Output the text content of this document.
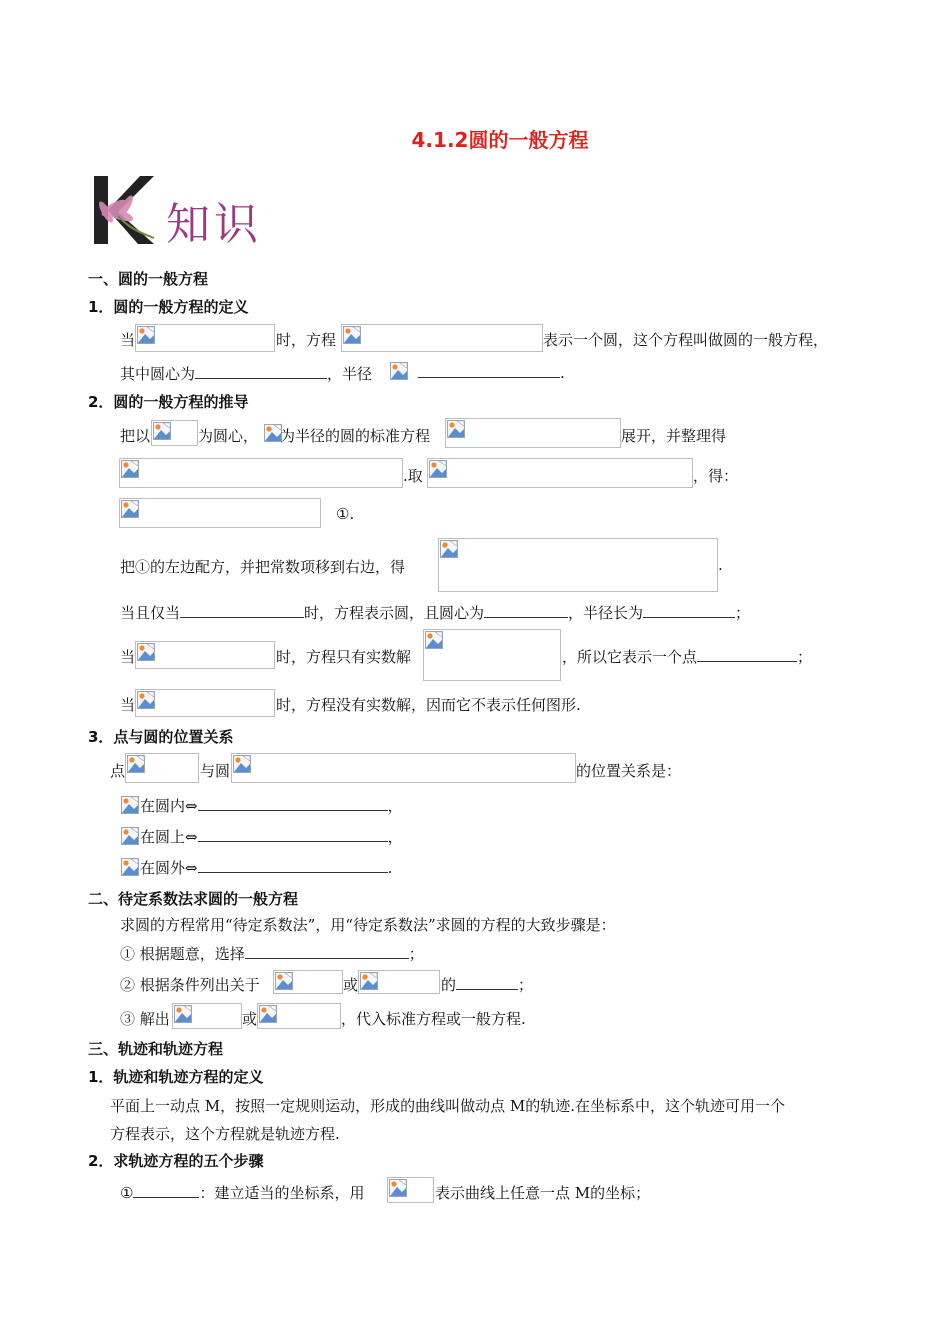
4.1.2圆的一般方程
知识
一、圆的一般方程
1．圆的一般方程的定义
当	时，方程	表示一个圆，这个方程叫做圆的一般方程，
其中圆心为	，半径	.
2．圆的一般方程的推导
把以	为圆心， 为半径的圆的标准方程	展开，并整理得
.取	，得：
①.
把①的左边配方，并把常数项移到右边，得	.
当且仅当	时，方程表示圆，且圆心为	，半径长为	；
当	时，方程只有实数解	，所以它表示一个点	；
当	时，方程没有实数解，因而它不表示任何图形.
3．点与圆的位置关系
点	与圆	的位置关系是：
在圆内⇔	，
在圆上⇔	，
在圆外⇔	.
二、待定系数法求圆的一般方程
求圆的方程常用“待定系数法”，用“待定系数法”求圆的方程的大致步骤是：
① 根据题意，选择	；
② 根据条件列出关于	或	的	；
③ 解出	或	，代入标准方程或一般方程.
三、轨迹和轨迹方程
1．轨迹和轨迹方程的定义
平面上一动点 M，按照一定规则运动，形成的曲线叫做动点 M的轨迹.在坐标系中，这个轨迹可用一个
方程表示，这个方程就是轨迹方程.
2．求轨迹方程的五个步骤
①	：建立适当的坐标系，用	表示曲线上任意一点 M的坐标；
